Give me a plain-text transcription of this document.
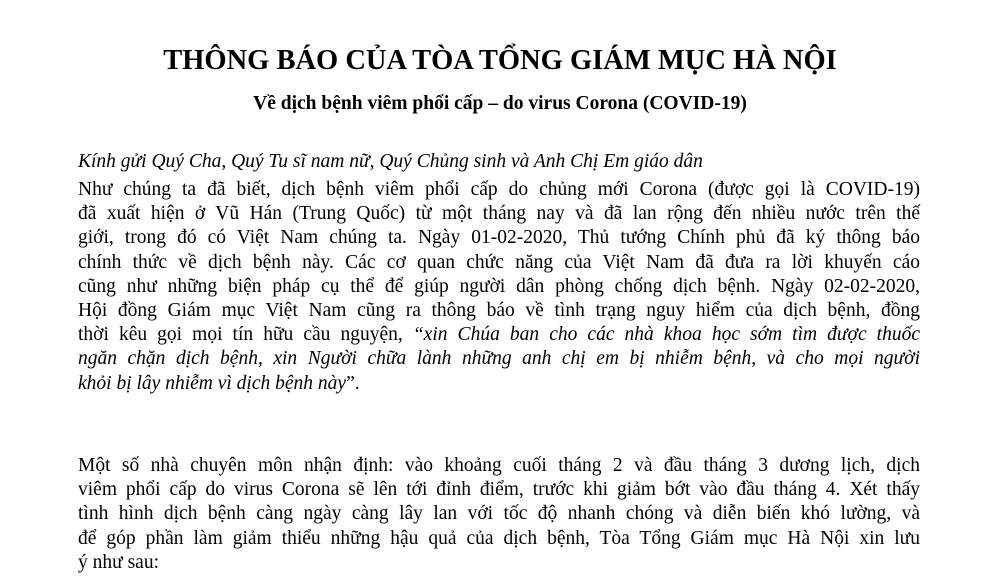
THÔNG BÁO CỦA TÒA TỔNG GIÁM MỤC HÀ NỘI
Về dịch bệnh viêm phổi cấp – do virus Corona (COVID-19)

Kính gửi Quý Cha, Quý Tu sĩ nam nữ, Quý Chủng sinh và Anh Chị Em giáo dân

Như chúng ta đã biết, dịch bệnh viêm phổi cấp do chủng mới Corona (được gọi là COVID-19)
đã xuất hiện ở Vũ Hán (Trung Quốc) từ một tháng nay và đã lan rộng đến nhiều nước trên thế
giới, trong đó có Việt Nam chúng ta. Ngày 01-02-2020, Thủ tướng Chính phủ đã ký thông báo
chính thức về dịch bệnh này. Các cơ quan chức năng của Việt Nam đã đưa ra lời khuyến cáo
cũng như những biện pháp cụ thể để giúp người dân phòng chống dịch bệnh. Ngày 02-02-2020,
Hội đồng Giám mục Việt Nam cũng ra thông báo về tình trạng nguy hiểm của dịch bệnh, đồng
thời kêu gọi mọi tín hữu cầu nguyện, “xin Chúa ban cho các nhà khoa học sớm tìm được thuốc
ngăn chặn dịch bệnh, xin Người chữa lành những anh chị em bị nhiễm bệnh, và cho mọi người
khỏi bị lây nhiễm vì dịch bệnh này”.
Một số nhà chuyên môn nhận định: vào khoảng cuối tháng 2 và đầu tháng 3 dương lịch, dịch
viêm phổi cấp do virus Corona sẽ lên tới đỉnh điểm, trước khi giảm bớt vào đầu tháng 4. Xét thấy
tình hình dịch bệnh càng ngày càng lây lan với tốc độ nhanh chóng và diễn biến khó lường, và
để góp phần làm giảm thiểu những hậu quả của dịch bệnh, Tòa Tổng Giám mục Hà Nội xin lưu
ý như sau:
